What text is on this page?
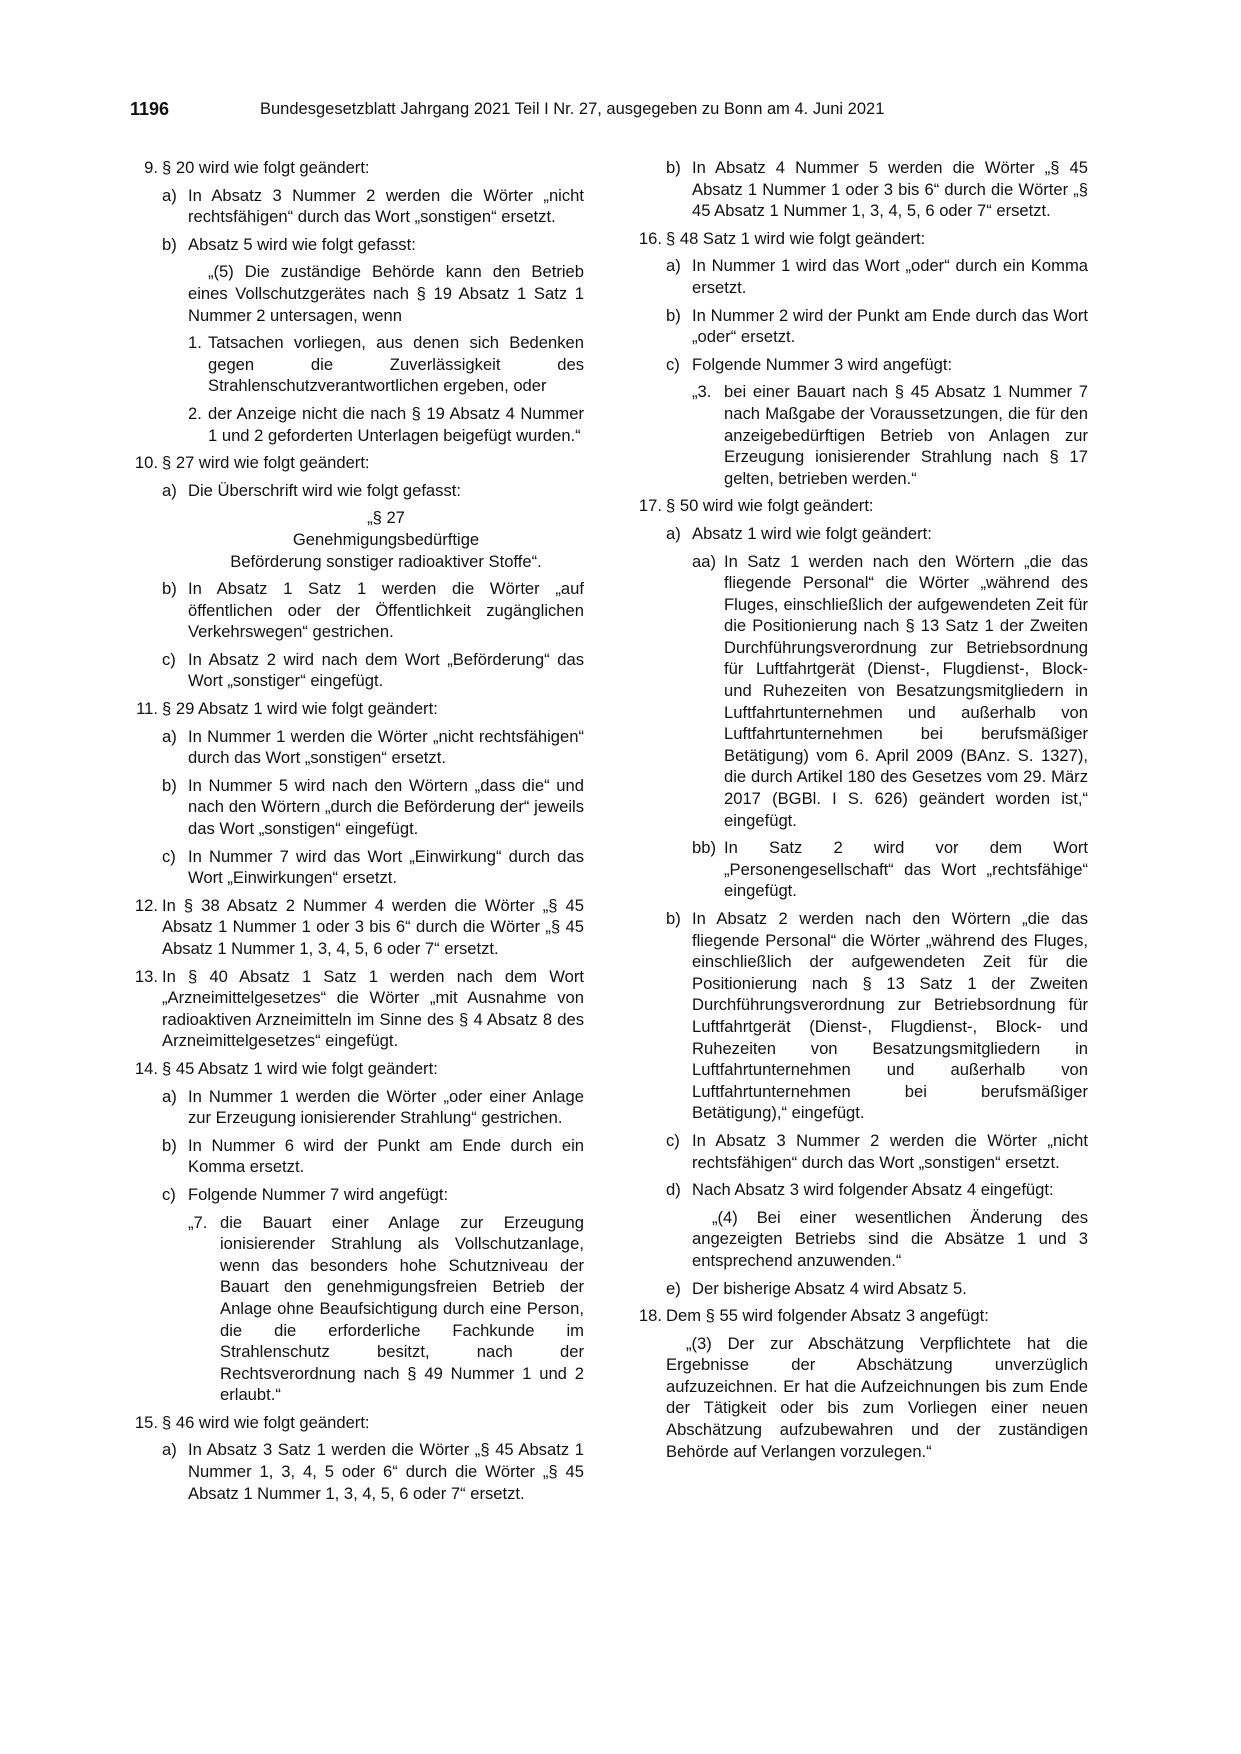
1196	Bundesgesetzblatt Jahrgang 2021 Teil I Nr. 27, ausgegeben zu Bonn am 4. Juni 2021
9. § 20 wird wie folgt geändert:

a) In Absatz 3 Nummer 2 werden die Wörter „nicht rechtsfähigen“ durch das Wort „sonstigen“ ersetzt.

b) Absatz 5 wird wie folgt gefasst:

„(5) Die zuständige Behörde kann den Betrieb eines Vollschutzgerätes nach § 19 Absatz 1 Satz 1 Nummer 2 untersagen, wenn

1. Tatsachen vorliegen, aus denen sich Bedenken gegen die Zuverlässigkeit des Strahlenschutzverantwortlichen ergeben, oder

2. der Anzeige nicht die nach § 19 Absatz 4 Nummer 1 und 2 geforderten Unterlagen beigefügt wurden.“

10. § 27 wird wie folgt geändert:

a) Die Überschrift wird wie folgt gefasst:

„§ 27

Genehmigungsbedürftige

Beförderung sonstiger radioaktiver Stoffe“.

b) In Absatz 1 Satz 1 werden die Wörter „auf öffentlichen oder der Öffentlichkeit zugänglichen Verkehrswegen“ gestrichen.

c) In Absatz 2 wird nach dem Wort „Beförderung“ das Wort „sonstiger“ eingefügt.

11. § 29 Absatz 1 wird wie folgt geändert:

a) In Nummer 1 werden die Wörter „nicht rechtsfähigen“ durch das Wort „sonstigen“ ersetzt.

b) In Nummer 5 wird nach den Wörtern „dass die“ und nach den Wörtern „durch die Beförderung der“ jeweils das Wort „sonstigen“ eingefügt.

c) In Nummer 7 wird das Wort „Einwirkung“ durch das Wort „Einwirkungen“ ersetzt.

12. In § 38 Absatz 2 Nummer 4 werden die Wörter „§ 45 Absatz 1 Nummer 1 oder 3 bis 6“ durch die Wörter „§ 45 Absatz 1 Nummer 1, 3, 4, 5, 6 oder 7“ ersetzt.

13. In § 40 Absatz 1 Satz 1 werden nach dem Wort „Arzneimittelgesetzes“ die Wörter „mit Ausnahme von radioaktiven Arzneimitteln im Sinne des § 4 Absatz 8 des Arzneimittelgesetzes“ eingefügt.

14. § 45 Absatz 1 wird wie folgt geändert:

a) In Nummer 1 werden die Wörter „oder einer Anlage zur Erzeugung ionisierender Strahlung“ gestrichen.

b) In Nummer 6 wird der Punkt am Ende durch ein Komma ersetzt.

c) Folgende Nummer 7 wird angefügt:

„7. die Bauart einer Anlage zur Erzeugung ionisierender Strahlung als Vollschutzanlage, wenn das besonders hohe Schutzniveau der Bauart den genehmigungsfreien Betrieb der Anlage ohne Beaufsichtigung durch eine Person, die die erforderliche Fachkunde im Strahlenschutz besitzt, nach der Rechtsverordnung nach § 49 Nummer 1 und 2 erlaubt.“

15. § 46 wird wie folgt geändert:

a) In Absatz 3 Satz 1 werden die Wörter „§ 45 Absatz 1 Nummer 1, 3, 4, 5 oder 6“ durch die Wörter „§ 45 Absatz 1 Nummer 1, 3, 4, 5, 6 oder 7“ ersetzt.

b) In Absatz 4 Nummer 5 werden die Wörter „§ 45 Absatz 1 Nummer 1 oder 3 bis 6“ durch die Wörter „§ 45 Absatz 1 Nummer 1, 3, 4, 5, 6 oder 7“ ersetzt.

16. § 48 Satz 1 wird wie folgt geändert:

a) In Nummer 1 wird das Wort „oder“ durch ein Komma ersetzt.

b) In Nummer 2 wird der Punkt am Ende durch das Wort „oder“ ersetzt.

c) Folgende Nummer 3 wird angefügt:

„3. bei einer Bauart nach § 45 Absatz 1 Nummer 7 nach Maßgabe der Voraussetzungen, die für den anzeigebedürftigen Betrieb von Anlagen zur Erzeugung ionisierender Strahlung nach § 17 gelten, betrieben werden.“

17. § 50 wird wie folgt geändert:

a) Absatz 1 wird wie folgt geändert:

aa) In Satz 1 werden nach den Wörtern „die das fliegende Personal“ die Wörter „während des Fluges, einschließlich der aufgewendeten Zeit für die Positionierung nach § 13 Satz 1 der Zweiten Durchführungsverordnung zur Betriebsordnung für Luftfahrtgerät (Dienst-, Flugdienst-, Block- und Ruhezeiten von Besatzungsmitgliedern in Luftfahrtunternehmen und außerhalb von Luftfahrtunternehmen bei berufsmäßiger Betätigung) vom 6. April 2009 (BAnz. S. 1327), die durch Artikel 180 des Gesetzes vom 29. März 2017 (BGBl. I S. 626) geändert worden ist,“ eingefügt.

bb) In Satz 2 wird vor dem Wort „Personengesellschaft“ das Wort „rechtsfähige“ eingefügt.

b) In Absatz 2 werden nach den Wörtern „die das fliegende Personal“ die Wörter „während des Fluges, einschließlich der aufgewendeten Zeit für die Positionierung nach § 13 Satz 1 der Zweiten Durchführungsverordnung zur Betriebsordnung für Luftfahrtgerät (Dienst-, Flugdienst-, Block- und Ruhezeiten von Besatzungsmitgliedern in Luftfahrtunternehmen und außerhalb von Luftfahrtunternehmen bei berufsmäßiger Betätigung),“ eingefügt.

c) In Absatz 3 Nummer 2 werden die Wörter „nicht rechtsfähigen“ durch das Wort „sonstigen“ ersetzt.

d) Nach Absatz 3 wird folgender Absatz 4 eingefügt:

„(4) Bei einer wesentlichen Änderung des angezeigten Betriebs sind die Absätze 1 und 3 entsprechend anzuwenden.“

e) Der bisherige Absatz 4 wird Absatz 5.

18. Dem § 55 wird folgender Absatz 3 angefügt:

„(3) Der zur Abschätzung Verpflichtete hat die Ergebnisse der Abschätzung unverzüglich aufzuzeichnen. Er hat die Aufzeichnungen bis zum Ende der Tätigkeit oder bis zum Vorliegen einer neuen Abschätzung aufzubewahren und der zuständigen Behörde auf Verlangen vorzulegen.“
